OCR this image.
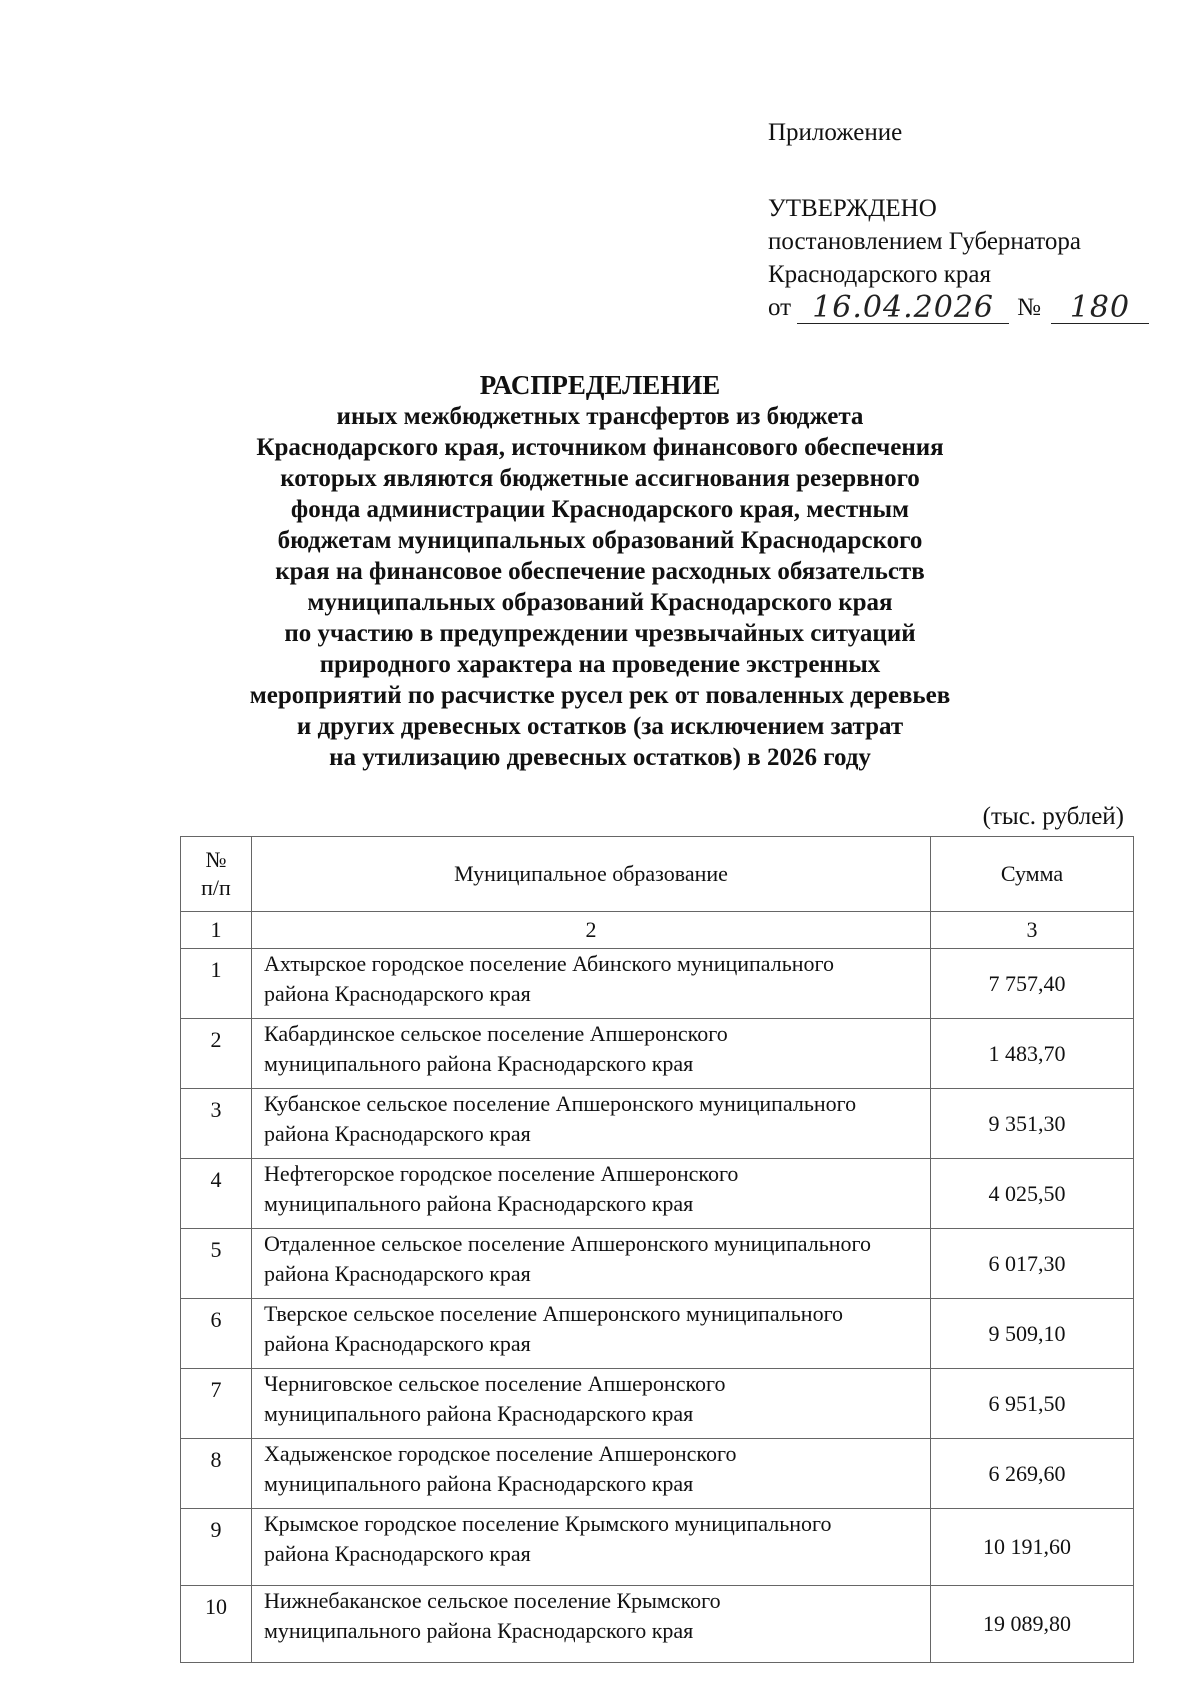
Приложение
УТВЕРЖДЕНО
постановлением Губернатора
Краснодарского края
от 16.04.2026 № 180
РАСПРЕДЕЛЕНИЕ
иных межбюджетных трансфертов из бюджета
Краснодарского края, источником финансового обеспечения
которых являются бюджетные ассигнования резервного
фонда администрации Краснодарского края, местным
бюджетам муниципальных образований Краснодарского
края на финансовое обеспечение расходных обязательств
муниципальных образований Краснодарского края
по участию в предупреждении чрезвычайных ситуаций
природного характера на проведение экстренных
мероприятий по расчистке русел рек от поваленных деревьев
и других древесных остатков (за исключением затрат
на утилизацию древесных остатков) в 2026 году
(тыс. рублей)
№
п/п	Муниципальное образование	Сумма
1	2	3
1	Ахтырское городское поселение Абинского муниципального
района Краснодарского края	7 757,40
2	Кабардинское сельское поселение Апшеронского
муниципального района Краснодарского края	1 483,70
3	Кубанское сельское поселение Апшеронского муниципального
района Краснодарского края	9 351,30
4	Нефтегорское городское поселение Апшеронского
муниципального района Краснодарского края	4 025,50
5	Отдаленное сельское поселение Апшеронского муниципального
района Краснодарского края	6 017,30
6	Тверское сельское поселение Апшеронского муниципального
района Краснодарского края	9 509,10
7	Черниговское сельское поселение Апшеронского
муниципального района Краснодарского края	6 951,50
8	Хадыженское городское поселение Апшеронского
муниципального района Краснодарского края	6 269,60
9	Крымское городское поселение Крымского муниципального
района Краснодарского края	10 191,60
10	Нижнебаканское сельское поселение Крымского
муниципального района Краснодарского края	19 089,80
